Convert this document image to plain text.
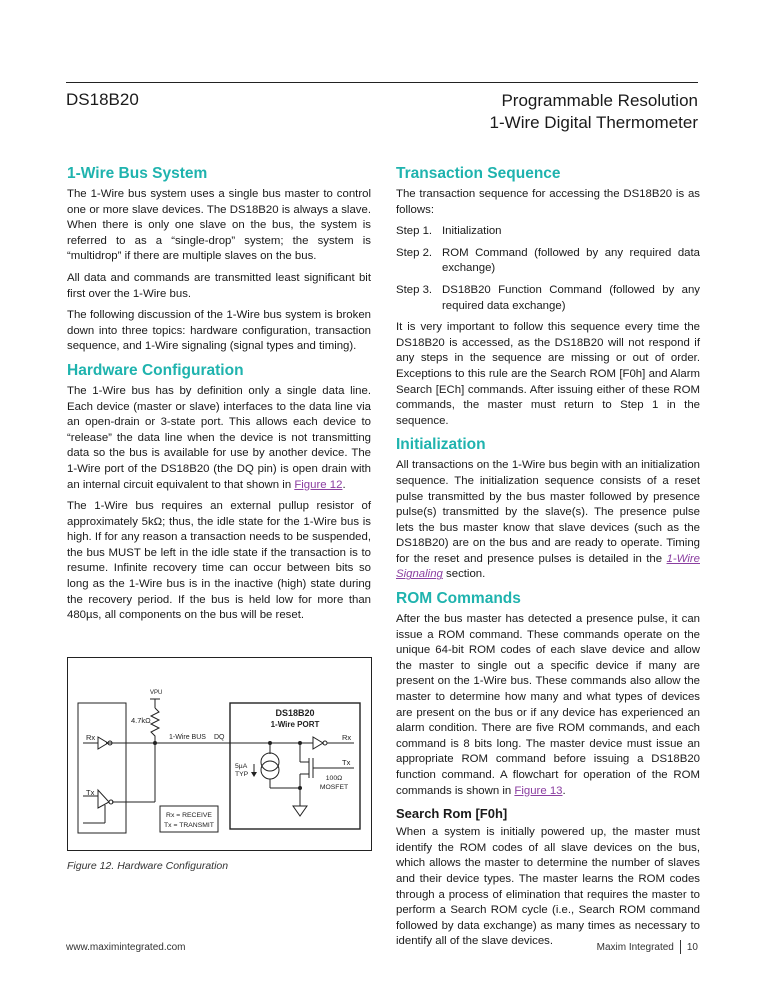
DS18B20	Programmable Resolution
1-Wire Digital Thermometer
1-Wire Bus System

The 1-Wire bus system uses a single bus master to control one or more slave devices. The DS18B20 is always a slave. When there is only one slave on the bus, the system is referred to as a “single-drop” system; the system is “multidrop” if there are multiple slaves on the bus.

All data and commands are transmitted least significant bit first over the 1-Wire bus.

The following discussion of the 1-Wire bus system is broken down into three topics: hardware configuration, transaction sequence, and 1-Wire signaling (signal types and timing).

Hardware Configuration

The 1-Wire bus has by definition only a single data line. Each device (master or slave) interfaces to the data line via an open-drain or 3-state port. This allows each device to “release” the data line when the device is not transmitting data so the bus is available for use by another device. The 1-Wire port of the DS18B20 (the DQ pin) is open drain with an internal circuit equivalent to that shown in Figure 12.

The 1-Wire bus requires an external pullup resistor of approximately 5kΩ; thus, the idle state for the 1-Wire bus is high. If for any reason a transaction needs to be suspended, the bus MUST be left in the idle state if the transaction is to resume. Infinite recovery time can occur between bits so long as the 1-Wire bus is in the inactive (high) state during the recovery period. If the bus is held low for more than 480µs, all components on the bus will be reset.

VPU
4.7kΩ
1-Wire BUS DQ
Rx
Tx
Rx = RECEIVE
Tx = TRANSMIT
DS18B20
1-Wire PORT
Rx
Tx
5µA
TYP
100Ω
MOSFET
Figure 12. Hardware Configuration
Transaction Sequence

The transaction sequence for accessing the DS18B20 is as follows:

Step 1. Initialization
Step 2. ROM Command (followed by any required data exchange)
Step 3. DS18B20 Function Command (followed by any required data exchange)

It is very important to follow this sequence every time the DS18B20 is accessed, as the DS18B20 will not respond if any steps in the sequence are missing or out of order. Exceptions to this rule are the Search ROM [F0h] and Alarm Search [ECh] commands. After issuing either of these ROM commands, the master must return to Step 1 in the sequence.

Initialization

All transactions on the 1-Wire bus begin with an initialization sequence. The initialization sequence consists of a reset pulse transmitted by the bus master followed by presence pulse(s) transmitted by the slave(s). The presence pulse lets the bus master know that slave devices (such as the DS18B20) are on the bus and are ready to operate. Timing for the reset and presence pulses is detailed in the 1-Wire Signaling section.

ROM Commands

After the bus master has detected a presence pulse, it can issue a ROM command. These commands operate on the unique 64-bit ROM codes of each slave device and allow the master to single out a specific device if many are present on the 1-Wire bus. These commands also allow the master to determine how many and what types of devices are present on the bus or if any device has experienced an alarm condition. There are five ROM commands, and each command is 8 bits long. The master device must issue an appropriate ROM command before issuing a DS18B20 function command. A flowchart for operation of the ROM commands is shown in Figure 13.

Search Rom [F0h]

When a system is initially powered up, the master must identify the ROM codes of all slave devices on the bus, which allows the master to determine the number of slaves and their device types. The master learns the ROM codes through a process of elimination that requires the master to perform a Search ROM cycle (i.e., Search ROM command followed by data exchange) as many times as necessary to identify all of the slave devices.

www.maximintegrated.com	Maxim Integrated 10
